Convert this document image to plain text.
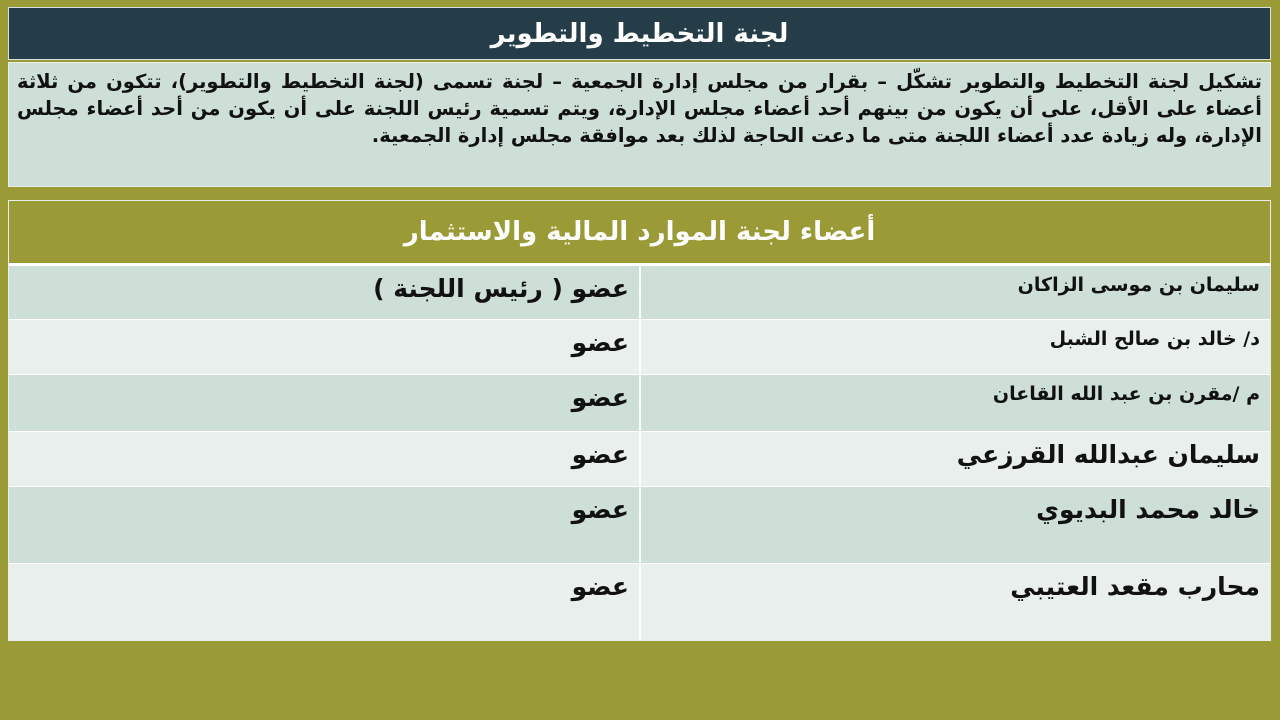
لجنة التخطيط والتطوير
تشكيل لجنة التخطيط والتطوير تشكّل – بقرار من مجلس إدارة الجمعية – لجنة تسمى (لجنة التخطيط والتطوير)، تتكون من ثلاثة أعضاء على الأقل، على أن يكون من بينهم أحد أعضاء مجلس الإدارة، ويتم تسمية رئيس اللجنة على أن يكون من أحد أعضاء مجلس الإدارة، وله زيادة عدد أعضاء اللجنة متى ما دعت الحاجة لذلك بعد موافقة مجلس إدارة الجمعية.
أعضاء لجنة الموارد المالية والاستثمار
سليمان بن موسى الزاكان
عضو ( رئيس اللجنة )
د/ خالد بن صالح الشبل
عضو
م /مقرن بن عبد الله القاعان
عضو
سليمان عبدالله القرزعي
عضو
خالد محمد البديوي
عضو
محارب مقعد العتيبي
عضو
